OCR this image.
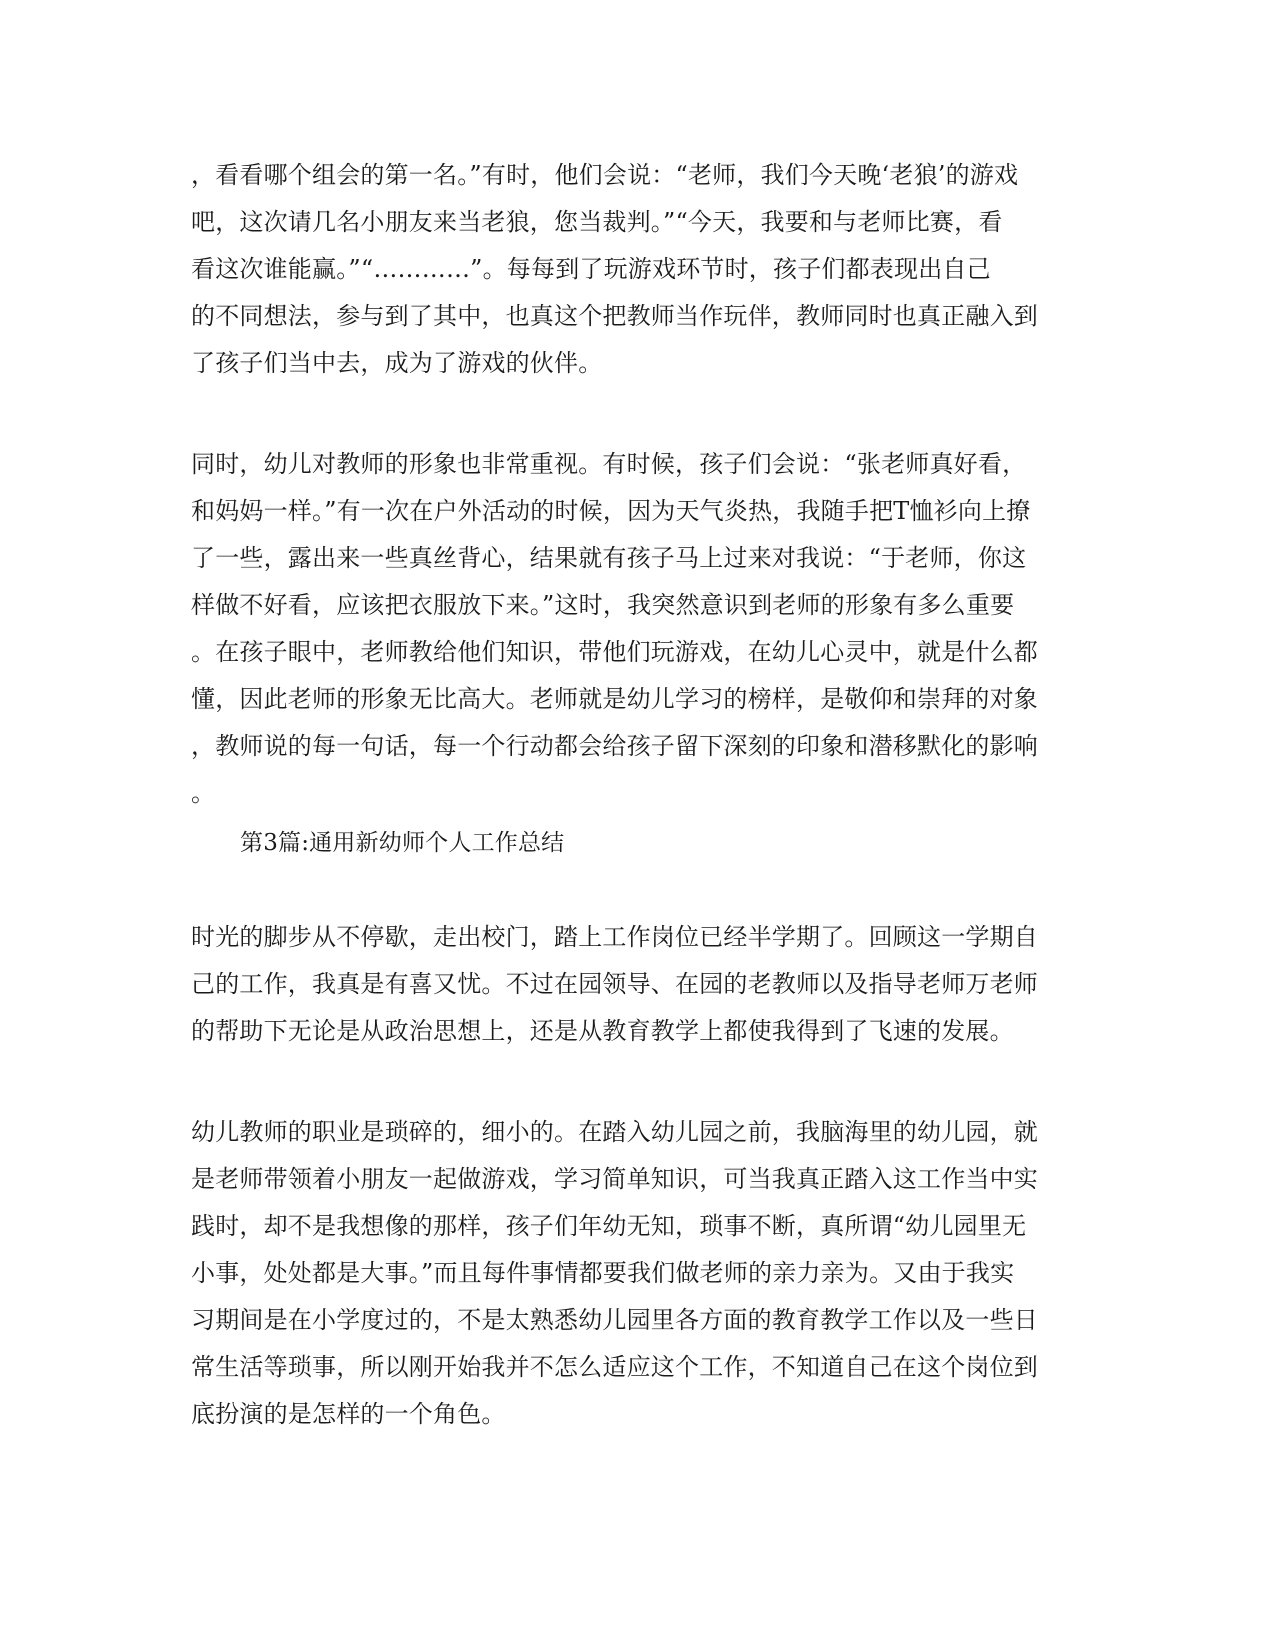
，看看哪个组会的第一名。”有时，他们会说：“老师，我们今天晚‘老狼’的游戏
吧，这次请几名小朋友来当老狼，您当裁判。”“今天，我要和与老师比赛，看
看这次谁能赢。”“…………”。每每到了玩游戏环节时，孩子们都表现出自己
的不同想法，参与到了其中，也真这个把教师当作玩伴，教师同时也真正融入到
了孩子们当中去，成为了游戏的伙伴。
同时，幼儿对教师的形象也非常重视。有时候，孩子们会说：“张老师真好看，
和妈妈一样。”有一次在户外活动的时候，因为天气炎热，我随手把T恤衫向上撩
了一些，露出来一些真丝背心，结果就有孩子马上过来对我说：“于老师，你这
样做不好看，应该把衣服放下来。”这时，我突然意识到老师的形象有多么重要
。在孩子眼中，老师教给他们知识，带他们玩游戏，在幼儿心灵中，就是什么都
懂，因此老师的形象无比高大。老师就是幼儿学习的榜样，是敬仰和崇拜的对象
，教师说的每一句话，每一个行动都会给孩子留下深刻的印象和潜移默化的影响
。
第3篇:通用新幼师个人工作总结
时光的脚步从不停歇，走出校门，踏上工作岗位已经半学期了。回顾这一学期自
己的工作，我真是有喜又忧。不过在园领导、在园的老教师以及指导老师万老师
的帮助下无论是从政治思想上，还是从教育教学上都使我得到了飞速的发展。
幼儿教师的职业是琐碎的，细小的。在踏入幼儿园之前，我脑海里的幼儿园，就
是老师带领着小朋友一起做游戏，学习简单知识，可当我真正踏入这工作当中实
践时，却不是我想像的那样，孩子们年幼无知，琐事不断，真所谓“幼儿园里无
小事，处处都是大事。”而且每件事情都要我们做老师的亲力亲为。又由于我实
习期间是在小学度过的，不是太熟悉幼儿园里各方面的教育教学工作以及一些日
常生活等琐事，所以刚开始我并不怎么适应这个工作，不知道自己在这个岗位到
底扮演的是怎样的一个角色。
